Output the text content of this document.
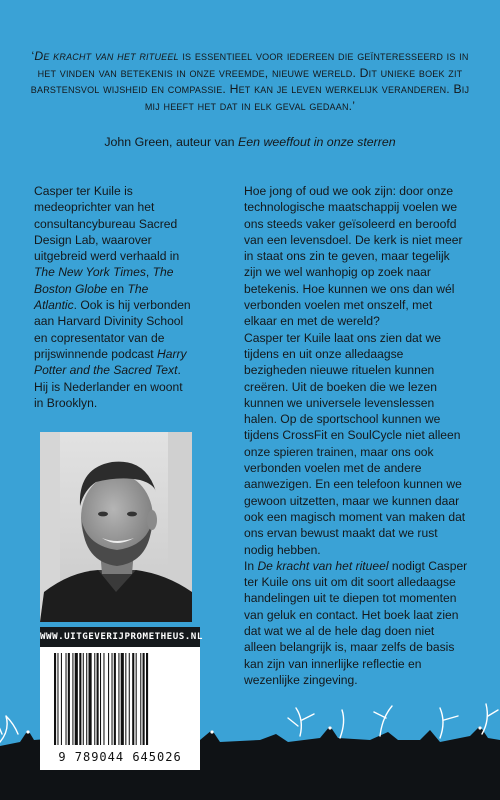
‘De kracht van het ritueel is essentieel voor iedereen die geïnteresseerd is in het vinden van betekenis in onze vreemde, nieuwe wereld. Dit unieke boek zit barstensvol wijsheid en compassie. Het kan je leven werkelijk veranderen. Bij mij heeft het dat in elk geval gedaan.’
John Green, auteur van Een weeffout in onze sterren
Casper ter Kuile is medeoprichter van het consultancybureau Sacred Design Lab, waarover uitgebreid werd verhaald in The New York Times, The Boston Globe en The Atlantic. Ook is hij verbonden aan Harvard Divinity School en copresentator van de prijswinnende podcast Harry Potter and the Sacred Text. Hij is Nederlander en woont in Brooklyn.

Hoe jong of oud we ook zijn: door onze technologische maatschappij voelen we ons steeds vaker geïsoleerd en beroofd van een levensdoel. De kerk is niet meer in staat ons zin te geven, maar tegelijk zijn we wel wanhopig op zoek naar betekenis. Hoe kunnen we ons dan wél verbonden voelen met onszelf, met elkaar en met de wereld?

Casper ter Kuile laat ons zien dat we tijdens en uit onze alledaagse bezigheden nieuwe rituelen kunnen creëren. Uit de boeken die we lezen kunnen we universele levenslessen halen. Op de sportschool kunnen we tijdens CrossFit en SoulCycle niet alleen onze spieren trainen, maar ons ook verbonden voelen met de andere aanwezigen. En een telefoon kunnen we gewoon uitzetten, maar we kunnen daar ook een magisch moment van maken dat ons ervan bewust maakt dat we rust nodig hebben.

In De kracht van het ritueel nodigt Casper ter Kuile ons uit om dit soort alledaagse handelingen uit te diepen tot momenten van geluk en contact. Het boek laat zien dat wat we al de hele dag doen niet alleen belangrijk is, maar zelfs de basis kan zijn van innerlijke reflectie en wezenlijke zingeving.

WWW.UITGEVERIJPROMETHEUS.NL
9 789044 645026
